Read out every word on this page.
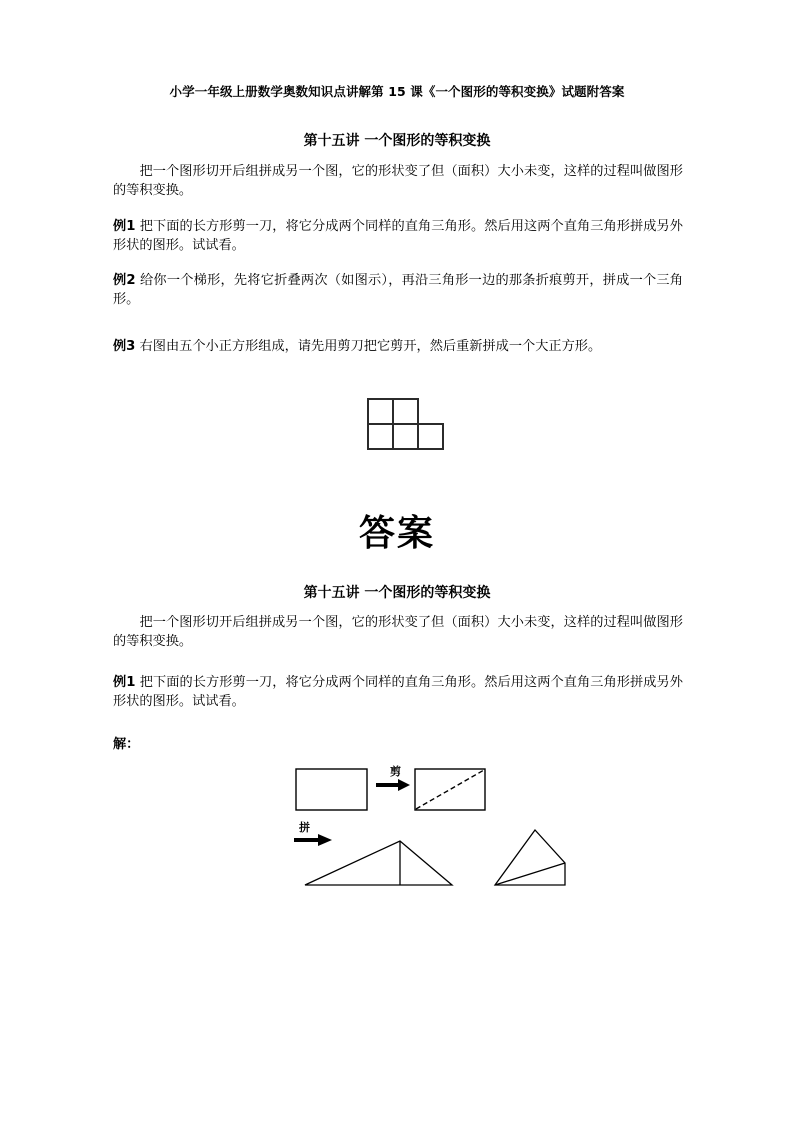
小学一年级上册数学奥数知识点讲解第 15 课《一个图形的等积变换》试题附答案
第十五讲 一个图形的等积变换
把一个图形切开后组拼成另一个图，它的形状变了但（面积）大小未变，这样的过程叫做图形的等积变换。
例1 把下面的长方形剪一刀，将它分成两个同样的直角三角形。然后用这两个直角三角形拼成另外形状的图形。试试看。
例2 给你一个梯形，先将它折叠两次（如图示），再沿三角形一边的那条折痕剪开，拼成一个三角形。
例3 右图由五个小正方形组成，请先用剪刀把它剪开，然后重新拼成一个大正方形。
答案
第十五讲 一个图形的等积变换
把一个图形切开后组拼成另一个图，它的形状变了但（面积）大小未变，这样的过程叫做图形的等积变换。
例1 把下面的长方形剪一刀，将它分成两个同样的直角三角形。然后用这两个直角三角形拼成另外形状的图形。试试看。
解：
剪
拼
